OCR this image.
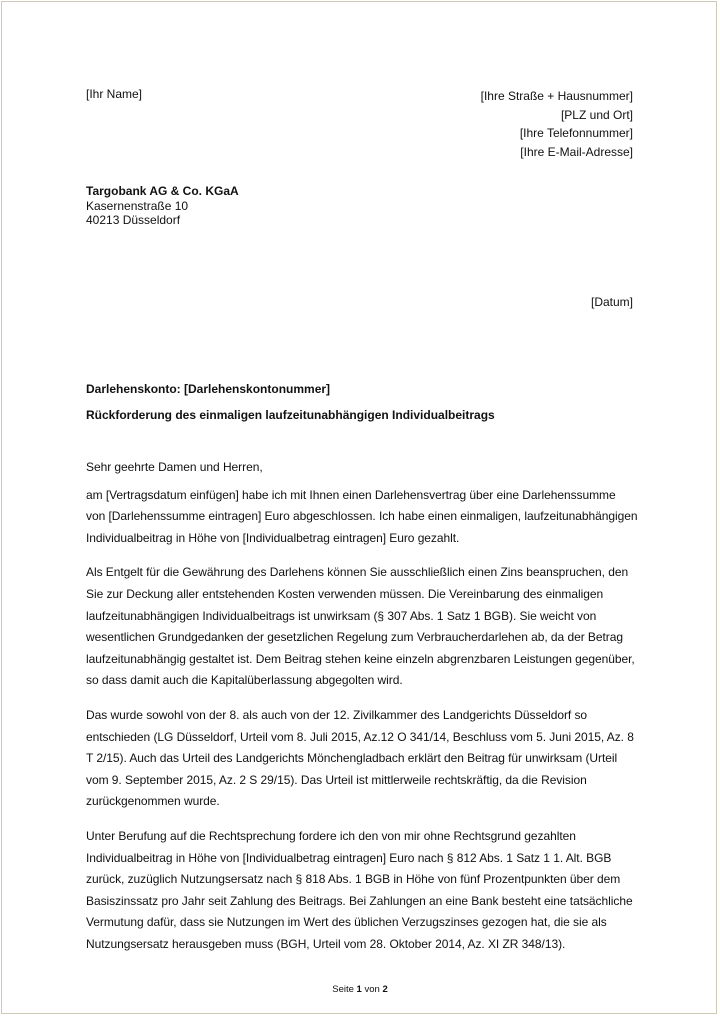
[Ihr Name]	[Ihre Straße + Hausnummer]
[PLZ und Ort]
[Ihre Telefonnummer]
[Ihre E-Mail-Adresse]
Targobank AG & Co. KGaA
Kasernenstraße 10
40213 Düsseldorf
[Datum]
Darlehenskonto: [Darlehenskontonummer]
Rückforderung des einmaligen laufzeitunabhängigen Individualbeitrags

Sehr geehrte Damen und Herren,

am [Vertragsdatum einfügen] habe ich mit Ihnen einen Darlehensvertrag über eine Darlehenssumme von [Darlehenssumme eintragen] Euro abgeschlossen. Ich habe einen einmaligen, laufzeitunabhängigen Individualbeitrag in Höhe von [Individualbetrag eintragen] Euro gezahlt.

Als Entgelt für die Gewährung des Darlehens können Sie ausschließlich einen Zins beanspruchen, den Sie zur Deckung aller entstehenden Kosten verwenden müssen. Die Vereinbarung des einmaligen laufzeitunabhängigen Individualbeitrags ist unwirksam (§ 307 Abs. 1 Satz 1 BGB). Sie weicht von wesentlichen Grundgedanken der gesetzlichen Regelung zum Verbraucherdarlehen ab, da der Betrag laufzeitunabhängig gestaltet ist. Dem Beitrag stehen keine einzeln abgrenzbaren Leistungen gegenüber, so dass damit auch die Kapitalüberlassung abgegolten wird.

Das wurde sowohl von der 8. als auch von der 12. Zivilkammer des Landgerichts Düsseldorf so entschieden (LG Düsseldorf, Urteil vom 8. Juli 2015, Az.12 O 341/14, Beschluss vom 5. Juni 2015, Az. 8 T 2/15). Auch das Urteil des Landgerichts Mönchengladbach erklärt den Beitrag für unwirksam (Urteil vom 9. September 2015, Az. 2 S 29/15). Das Urteil ist mittlerweile rechtskräftig, da die Revision zurückgenommen wurde.

Unter Berufung auf die Rechtsprechung fordere ich den von mir ohne Rechtsgrund gezahlten Individualbeitrag in Höhe von [Individualbetrag eintragen] Euro nach § 812 Abs. 1 Satz 1 1. Alt. BGB zurück, zuzüglich Nutzungsersatz nach § 818 Abs. 1 BGB in Höhe von fünf Prozentpunkten über dem Basiszinssatz pro Jahr seit Zahlung des Beitrags. Bei Zahlungen an eine Bank besteht eine tatsächliche Vermutung dafür, dass sie Nutzungen im Wert des üblichen Verzugszinses gezogen hat, die sie als Nutzungsersatz herausgeben muss (BGH, Urteil vom 28. Oktober 2014, Az. XI ZR 348/13).

Seite 1 von 2
